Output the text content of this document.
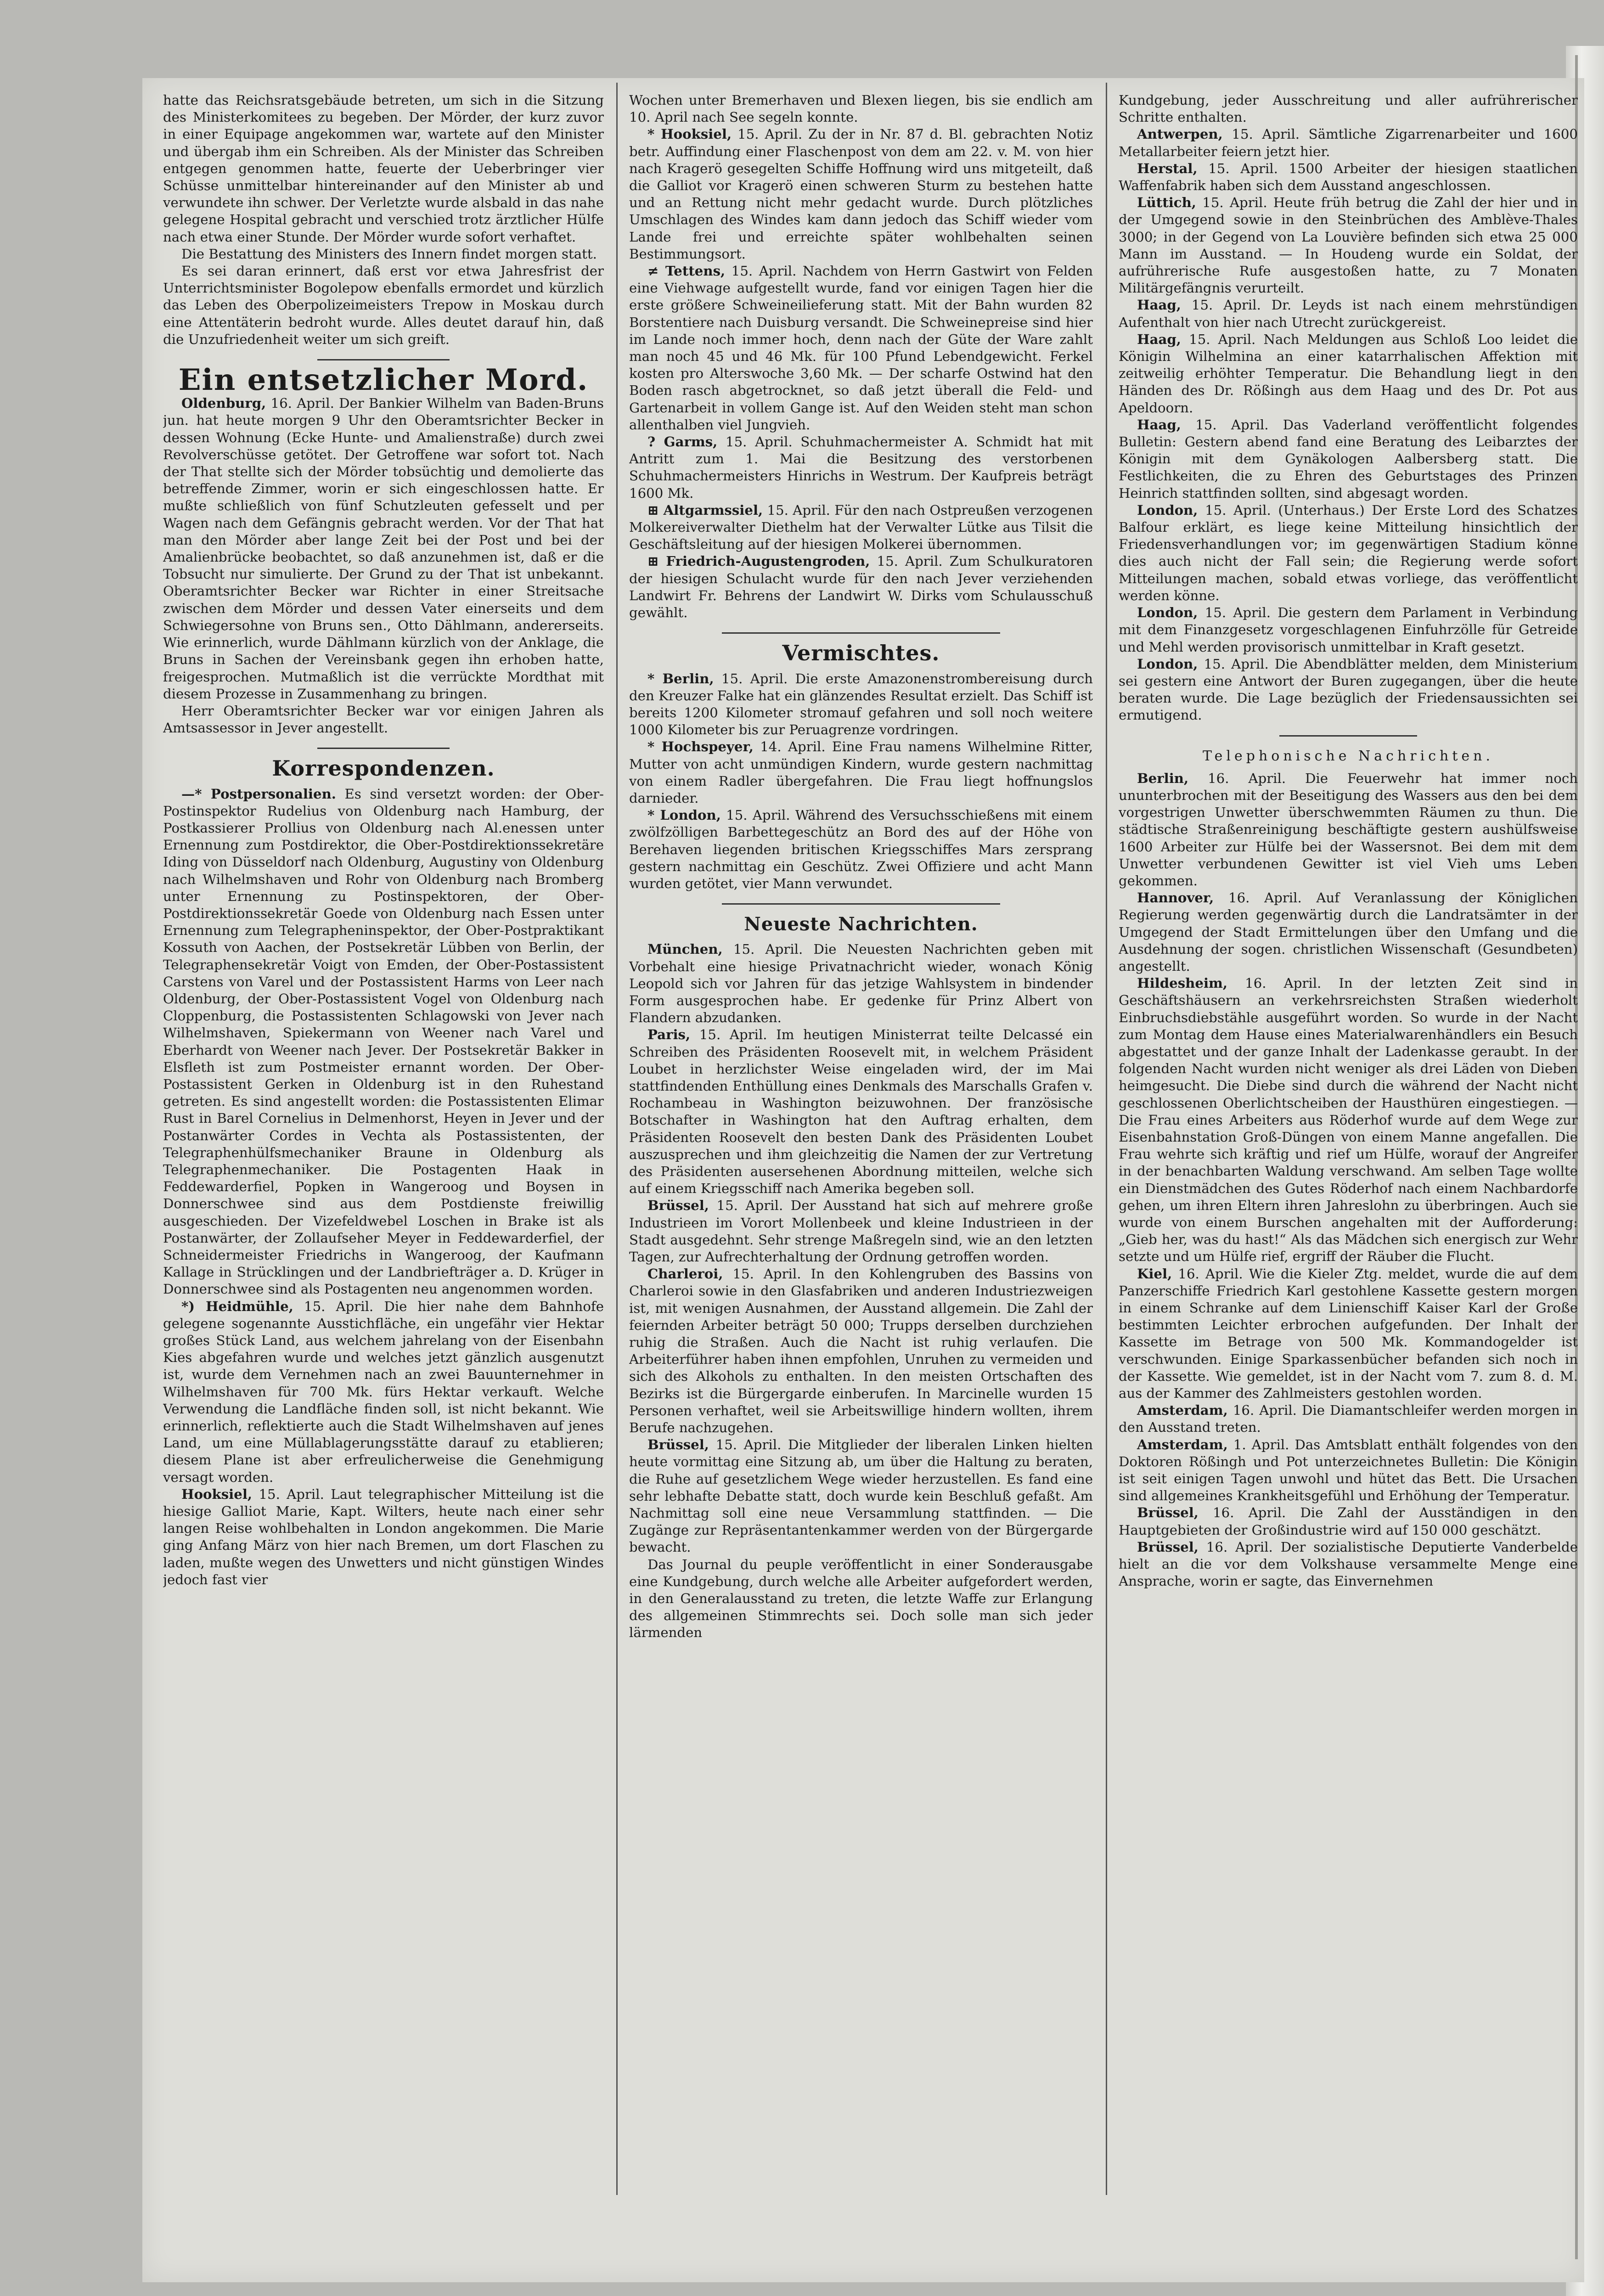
hatte das Reichsratsgebäude betreten, um sich in die Sitzung des Ministerkomitees zu begeben. Der Mörder, der kurz zuvor in einer Equipage angekommen war, wartete auf den Minister und übergab ihm ein Schreiben. Als der Minister das Schreiben entgegen genommen hatte, feuerte der Ueberbringer vier Schüsse unmittelbar hintereinander auf den Minister ab und verwundete ihn schwer. Der Verletzte wurde alsbald in das nahe gelegene Hospital gebracht und verschied trotz ärztlicher Hülfe nach etwa einer Stunde. Der Mörder wurde sofort verhaftet.

Die Bestattung des Ministers des Innern findet morgen statt.

Es sei daran erinnert, daß erst vor etwa Jahresfrist der Unterrichtsminister Bogolepow ebenfalls ermordet und kürzlich das Leben des Oberpolizeimeisters Trepow in Moskau durch eine Attentäterin bedroht wurde. Alles deutet darauf hin, daß die Unzufriedenheit weiter um sich greift.

Ein entsetzlicher Mord.

Oldenburg, 16. April. Der Bankier Wilhelm van Baden-Bruns jun. hat heute morgen 9 Uhr den Oberamtsrichter Becker in dessen Wohnung (Ecke Hunte- und Amalienstraße) durch zwei Revolverschüsse getötet. Der Getroffene war sofort tot. Nach der That stellte sich der Mörder tobsüchtig und demolierte das betreffende Zimmer, worin er sich eingeschlossen hatte. Er mußte schließlich von fünf Schutzleuten gefesselt und per Wagen nach dem Gefängnis gebracht werden. Vor der That hat man den Mörder aber lange Zeit bei der Post und bei der Amalienbrücke beobachtet, so daß anzunehmen ist, daß er die Tobsucht nur simulierte. Der Grund zu der That ist unbekannt. Oberamtsrichter Becker war Richter in einer Streitsache zwischen dem Mörder und dessen Vater einerseits und dem Schwiegersohne von Bruns sen., Otto Dählmann, andererseits. Wie erinnerlich, wurde Dählmann kürzlich von der Anklage, die Bruns in Sachen der Vereinsbank gegen ihn erhoben hatte, freigesprochen. Mutmaßlich ist die verrückte Mordthat mit diesem Prozesse in Zusammenhang zu bringen.

Herr Oberamtsrichter Becker war vor einigen Jahren als Amtsassessor in Jever angestellt.

Korrespondenzen.

—* Postpersonalien. Es sind versetzt worden: der Ober-Postinspektor Rudelius von Oldenburg nach Hamburg, der Postkassierer Prollius von Oldenburg nach Al.enessen unter Ernennung zum Postdirektor, die Ober-Postdirektionssekretäre Iding von Düsseldorf nach Oldenburg, Augustiny von Oldenburg nach Wilhelmshaven und Rohr von Oldenburg nach Bromberg unter Ernennung zu Postinspektoren, der Ober-Postdirektionssekretär Goede von Oldenburg nach Essen unter Ernennung zum Telegrapheninspektor, der Ober-Postpraktikant Kossuth von Aachen, der Postsekretär Lübben von Berlin, der Telegraphensekretär Voigt von Emden, der Ober-Postassistent Carstens von Varel und der Postassistent Harms von Leer nach Oldenburg, der Ober-Postassistent Vogel von Oldenburg nach Cloppenburg, die Postassistenten Schlagowski von Jever nach Wilhelmshaven, Spiekermann von Weener nach Varel und Eberhardt von Weener nach Jever. Der Postsekretär Bakker in Elsfleth ist zum Postmeister ernannt worden. Der Ober-Postassistent Gerken in Oldenburg ist in den Ruhestand getreten. Es sind angestellt worden: die Postassistenten Elimar Rust in Barel Cornelius in Delmenhorst, Heyen in Jever und der Postanwärter Cordes in Vechta als Postassistenten, der Telegraphenhülfsmechaniker Braune in Oldenburg als Telegraphenmechaniker. Die Postagenten Haak in Feddewarderfiel, Popken in Wangeroog und Boysen in Donnerschwee sind aus dem Postdienste freiwillig ausgeschieden. Der Vizefeldwebel Loschen in Brake ist als Postanwärter, der Zollaufseher Meyer in Feddewarderfiel, der Schneidermeister Friedrichs in Wangeroog, der Kaufmann Kallage in Strücklingen und der Landbriefträger a. D. Krüger in Donnerschwee sind als Postagenten neu angenommen worden.

*) Heidmühle, 15. April. Die hier nahe dem Bahnhofe gelegene sogenannte Ausstichfläche, ein ungefähr vier Hektar großes Stück Land, aus welchem jahrelang von der Eisenbahn Kies abgefahren wurde und welches jetzt gänzlich ausgenutzt ist, wurde dem Vernehmen nach an zwei Bauunternehmer in Wilhelmshaven für 700 Mk. fürs Hektar verkauft. Welche Verwendung die Landfläche finden soll, ist nicht bekannt. Wie erinnerlich, reflektierte auch die Stadt Wilhelmshaven auf jenes Land, um eine Müllablagerungsstätte darauf zu etablieren; diesem Plane ist aber erfreulicherweise die Genehmigung versagt worden.

Hooksiel, 15. April. Laut telegraphischer Mitteilung ist die hiesige Galliot Marie, Kapt. Wilters, heute nach einer sehr langen Reise wohlbehalten in London angekommen. Die Marie ging Anfang März von hier nach Bremen, um dort Flaschen zu laden, mußte wegen des Unwetters und nicht günstigen Windes jedoch fast vier

Wochen unter Bremerhaven und Blexen liegen, bis sie endlich am 10. April nach See segeln konnte.

* Hooksiel, 15. April. Zu der in Nr. 87 d. Bl. gebrachten Notiz betr. Auffindung einer Flaschenpost von dem am 22. v. M. von hier nach Kragerö gesegelten Schiffe Hoffnung wird uns mitgeteilt, daß die Galliot vor Kragerö einen schweren Sturm zu bestehen hatte und an Rettung nicht mehr gedacht wurde. Durch plötzliches Umschlagen des Windes kam dann jedoch das Schiff wieder vom Lande frei und erreichte später wohlbehalten seinen Bestimmungsort.

≠ Tettens, 15. April. Nachdem von Herrn Gastwirt von Felden eine Viehwage aufgestellt wurde, fand vor einigen Tagen hier die erste größere Schweineilieferung statt. Mit der Bahn wurden 82 Borstentiere nach Duisburg versandt. Die Schweinepreise sind hier im Lande noch immer hoch, denn nach der Güte der Ware zahlt man noch 45 und 46 Mk. für 100 Pfund Lebendgewicht. Ferkel kosten pro Alterswoche 3,60 Mk. — Der scharfe Ostwind hat den Boden rasch abgetrocknet, so daß jetzt überall die Feld- und Gartenarbeit in vollem Gange ist. Auf den Weiden steht man schon allenthalben viel Jungvieh.

? Garms, 15. April. Schuhmachermeister A. Schmidt hat mit Antritt zum 1. Mai die Besitzung des verstorbenen Schuhmachermeisters Hinrichs in Westrum. Der Kaufpreis beträgt 1600 Mk.

⊞ Altgarmssiel, 15. April. Für den nach Ostpreußen verzogenen Molkereiverwalter Diethelm hat der Verwalter Lütke aus Tilsit die Geschäftsleitung auf der hiesigen Molkerei übernommen.

⊞ Friedrich-Augustengroden, 15. April. Zum Schulkuratoren der hiesigen Schulacht wurde für den nach Jever verziehenden Landwirt Fr. Behrens der Landwirt W. Dirks vom Schulausschuß gewählt.

Vermischtes.

* Berlin, 15. April. Die erste Amazonenstrombereisung durch den Kreuzer Falke hat ein glänzendes Resultat erzielt. Das Schiff ist bereits 1200 Kilometer stromauf gefahren und soll noch weitere 1000 Kilometer bis zur Peruagrenze vordringen.

* Hochspeyer, 14. April. Eine Frau namens Wilhelmine Ritter, Mutter von acht unmündigen Kindern, wurde gestern nachmittag von einem Radler übergefahren. Die Frau liegt hoffnungslos darnieder.

* London, 15. April. Während des Versuchsschießens mit einem zwölfzölligen Barbettegeschütz an Bord des auf der Höhe von Berehaven liegenden britischen Kriegsschiffes Mars zersprang gestern nachmittag ein Geschütz. Zwei Offiziere und acht Mann wurden getötet, vier Mann verwundet.

Neueste Nachrichten.

München, 15. April. Die Neuesten Nachrichten geben mit Vorbehalt eine hiesige Privatnachricht wieder, wonach König Leopold sich vor Jahren für das jetzige Wahlsystem in bindender Form ausgesprochen habe. Er gedenke für Prinz Albert von Flandern abzudanken.

Paris, 15. April. Im heutigen Ministerrat teilte Delcassé ein Schreiben des Präsidenten Roosevelt mit, in welchem Präsident Loubet in herzlichster Weise eingeladen wird, der im Mai stattfindenden Enthüllung eines Denkmals des Marschalls Grafen v. Rochambeau in Washington beizuwohnen. Der französische Botschafter in Washington hat den Auftrag erhalten, dem Präsidenten Roosevelt den besten Dank des Präsidenten Loubet auszusprechen und ihm gleichzeitig die Namen der zur Vertretung des Präsidenten ausersehenen Abordnung mitteilen, welche sich auf einem Kriegsschiff nach Amerika begeben soll.

Brüssel, 15. April. Der Ausstand hat sich auf mehrere große Industrieen im Vorort Mollenbeek und kleine Industrieen in der Stadt ausgedehnt. Sehr strenge Maßregeln sind, wie an den letzten Tagen, zur Aufrechterhaltung der Ordnung getroffen worden.

Charleroi, 15. April. In den Kohlengruben des Bassins von Charleroi sowie in den Glasfabriken und anderen Industriezweigen ist, mit wenigen Ausnahmen, der Ausstand allgemein. Die Zahl der feiernden Arbeiter beträgt 50 000; Trupps derselben durchziehen ruhig die Straßen. Auch die Nacht ist ruhig verlaufen. Die Arbeiterführer haben ihnen empfohlen, Unruhen zu vermeiden und sich des Alkohols zu enthalten. In den meisten Ortschaften des Bezirks ist die Bürgergarde einberufen. In Marcinelle wurden 15 Personen verhaftet, weil sie Arbeitswillige hindern wollten, ihrem Berufe nachzugehen.

Brüssel, 15. April. Die Mitglieder der liberalen Linken hielten heute vormittag eine Sitzung ab, um über die Haltung zu beraten, die Ruhe auf gesetzlichem Wege wieder herzustellen. Es fand eine sehr lebhafte Debatte statt, doch wurde kein Beschluß gefaßt. Am Nachmittag soll eine neue Versammlung stattfinden. — Die Zugänge zur Repräsentantenkammer werden von der Bürgergarde bewacht.

Das Journal du peuple veröffentlicht in einer Sonderausgabe eine Kundgebung, durch welche alle Arbeiter aufgefordert werden, in den Generalausstand zu treten, die letzte Waffe zur Erlangung des allgemeinen Stimmrechts sei. Doch solle man sich jeder lärmenden

Kundgebung, jeder Ausschreitung und aller aufrührerischer Schritte enthalten.

Antwerpen, 15. April. Sämtliche Zigarrenarbeiter und 1600 Metallarbeiter feiern jetzt hier.

Herstal, 15. April. 1500 Arbeiter der hiesigen staatlichen Waffenfabrik haben sich dem Ausstand angeschlossen.

Lüttich, 15. April. Heute früh betrug die Zahl der hier und in der Umgegend sowie in den Steinbrüchen des Amblève-Thales 3000; in der Gegend von La Louvière befinden sich etwa 25 000 Mann im Ausstand. — In Houdeng wurde ein Soldat, der aufrührerische Rufe ausgestoßen hatte, zu 7 Monaten Militärgefängnis verurteilt.

Haag, 15. April. Dr. Leyds ist nach einem mehrstündigen Aufenthalt von hier nach Utrecht zurückgereist.

Haag, 15. April. Nach Meldungen aus Schloß Loo leidet die Königin Wilhelmina an einer katarrhalischen Affektion mit zeitweilig erhöhter Temperatur. Die Behandlung liegt in den Händen des Dr. Rößingh aus dem Haag und des Dr. Pot aus Apeldoorn.

Haag, 15. April. Das Vaderland veröffentlicht folgendes Bulletin: Gestern abend fand eine Beratung des Leibarztes der Königin mit dem Gynäkologen Aalbersberg statt. Die Festlichkeiten, die zu Ehren des Geburtstages des Prinzen Heinrich stattfinden sollten, sind abgesagt worden.

London, 15. April. (Unterhaus.) Der Erste Lord des Schatzes Balfour erklärt, es liege keine Mitteilung hinsichtlich der Friedensverhandlungen vor; im gegenwärtigen Stadium könne dies auch nicht der Fall sein; die Regierung werde sofort Mitteilungen machen, sobald etwas vorliege, das veröffentlicht werden könne.

London, 15. April. Die gestern dem Parlament in Verbindung mit dem Finanzgesetz vorgeschlagenen Einfuhrzölle für Getreide und Mehl werden provisorisch unmittelbar in Kraft gesetzt.

London, 15. April. Die Abendblätter melden, dem Ministerium sei gestern eine Antwort der Buren zugegangen, über die heute beraten wurde. Die Lage bezüglich der Friedensaussichten sei ermutigend.

Telephonische Nachrichten.

Berlin, 16. April. Die Feuerwehr hat immer noch ununterbrochen mit der Beseitigung des Wassers aus den bei dem vorgestrigen Unwetter überschwemmten Räumen zu thun. Die städtische Straßenreinigung beschäftigte gestern aushülfsweise 1600 Arbeiter zur Hülfe bei der Wassersnot. Bei dem mit dem Unwetter verbundenen Gewitter ist viel Vieh ums Leben gekommen.

Hannover, 16. April. Auf Veranlassung der Königlichen Regierung werden gegenwärtig durch die Landratsämter in der Umgegend der Stadt Ermittelungen über den Umfang und die Ausdehnung der sogen. christlichen Wissenschaft (Gesundbeten) angestellt.

Hildesheim, 16. April. In der letzten Zeit sind in Geschäftshäusern an verkehrsreichsten Straßen wiederholt Einbruchsdiebstähle ausgeführt worden. So wurde in der Nacht zum Montag dem Hause eines Materialwarenhändlers ein Besuch abgestattet und der ganze Inhalt der Ladenkasse geraubt. In der folgenden Nacht wurden nicht weniger als drei Läden von Dieben heimgesucht. Die Diebe sind durch die während der Nacht nicht geschlossenen Oberlichtscheiben der Hausthüren eingestiegen. — Die Frau eines Arbeiters aus Röderhof wurde auf dem Wege zur Eisenbahnstation Groß-Düngen von einem Manne angefallen. Die Frau wehrte sich kräftig und rief um Hülfe, worauf der Angreifer in der benachbarten Waldung verschwand. Am selben Tage wollte ein Dienstmädchen des Gutes Röderhof nach einem Nachbardorfe gehen, um ihren Eltern ihren Jahreslohn zu überbringen. Auch sie wurde von einem Burschen angehalten mit der Aufforderung: „Gieb her, was du hast!“ Als das Mädchen sich energisch zur Wehr setzte und um Hülfe rief, ergriff der Räuber die Flucht.

Kiel, 16. April. Wie die Kieler Ztg. meldet, wurde die auf dem Panzerschiffe Friedrich Karl gestohlene Kassette gestern morgen in einem Schranke auf dem Linienschiff Kaiser Karl der Große bestimmten Leichter erbrochen aufgefunden. Der Inhalt der Kassette im Betrage von 500 Mk. Kommandogelder ist verschwunden. Einige Sparkassenbücher befanden sich noch in der Kassette. Wie gemeldet, ist in der Nacht vom 7. zum 8. d. M. aus der Kammer des Zahlmeisters gestohlen worden.

Amsterdam, 16. April. Die Diamantschleifer werden morgen in den Ausstand treten.

Amsterdam, 1. April. Das Amtsblatt enthält folgendes von den Doktoren Rößingh und Pot unterzeichnetes Bulletin: Die Königin ist seit einigen Tagen unwohl und hütet das Bett. Die Ursachen sind allgemeines Krankheitsgefühl und Erhöhung der Temperatur.

Brüssel, 16. April. Die Zahl der Ausständigen in den Hauptgebieten der Großindustrie wird auf 150 000 geschätzt.

Brüssel, 16. April. Der sozialistische Deputierte Vanderbelde hielt an die vor dem Volkshause versammelte Menge eine Ansprache, worin er sagte, das Einvernehmen
